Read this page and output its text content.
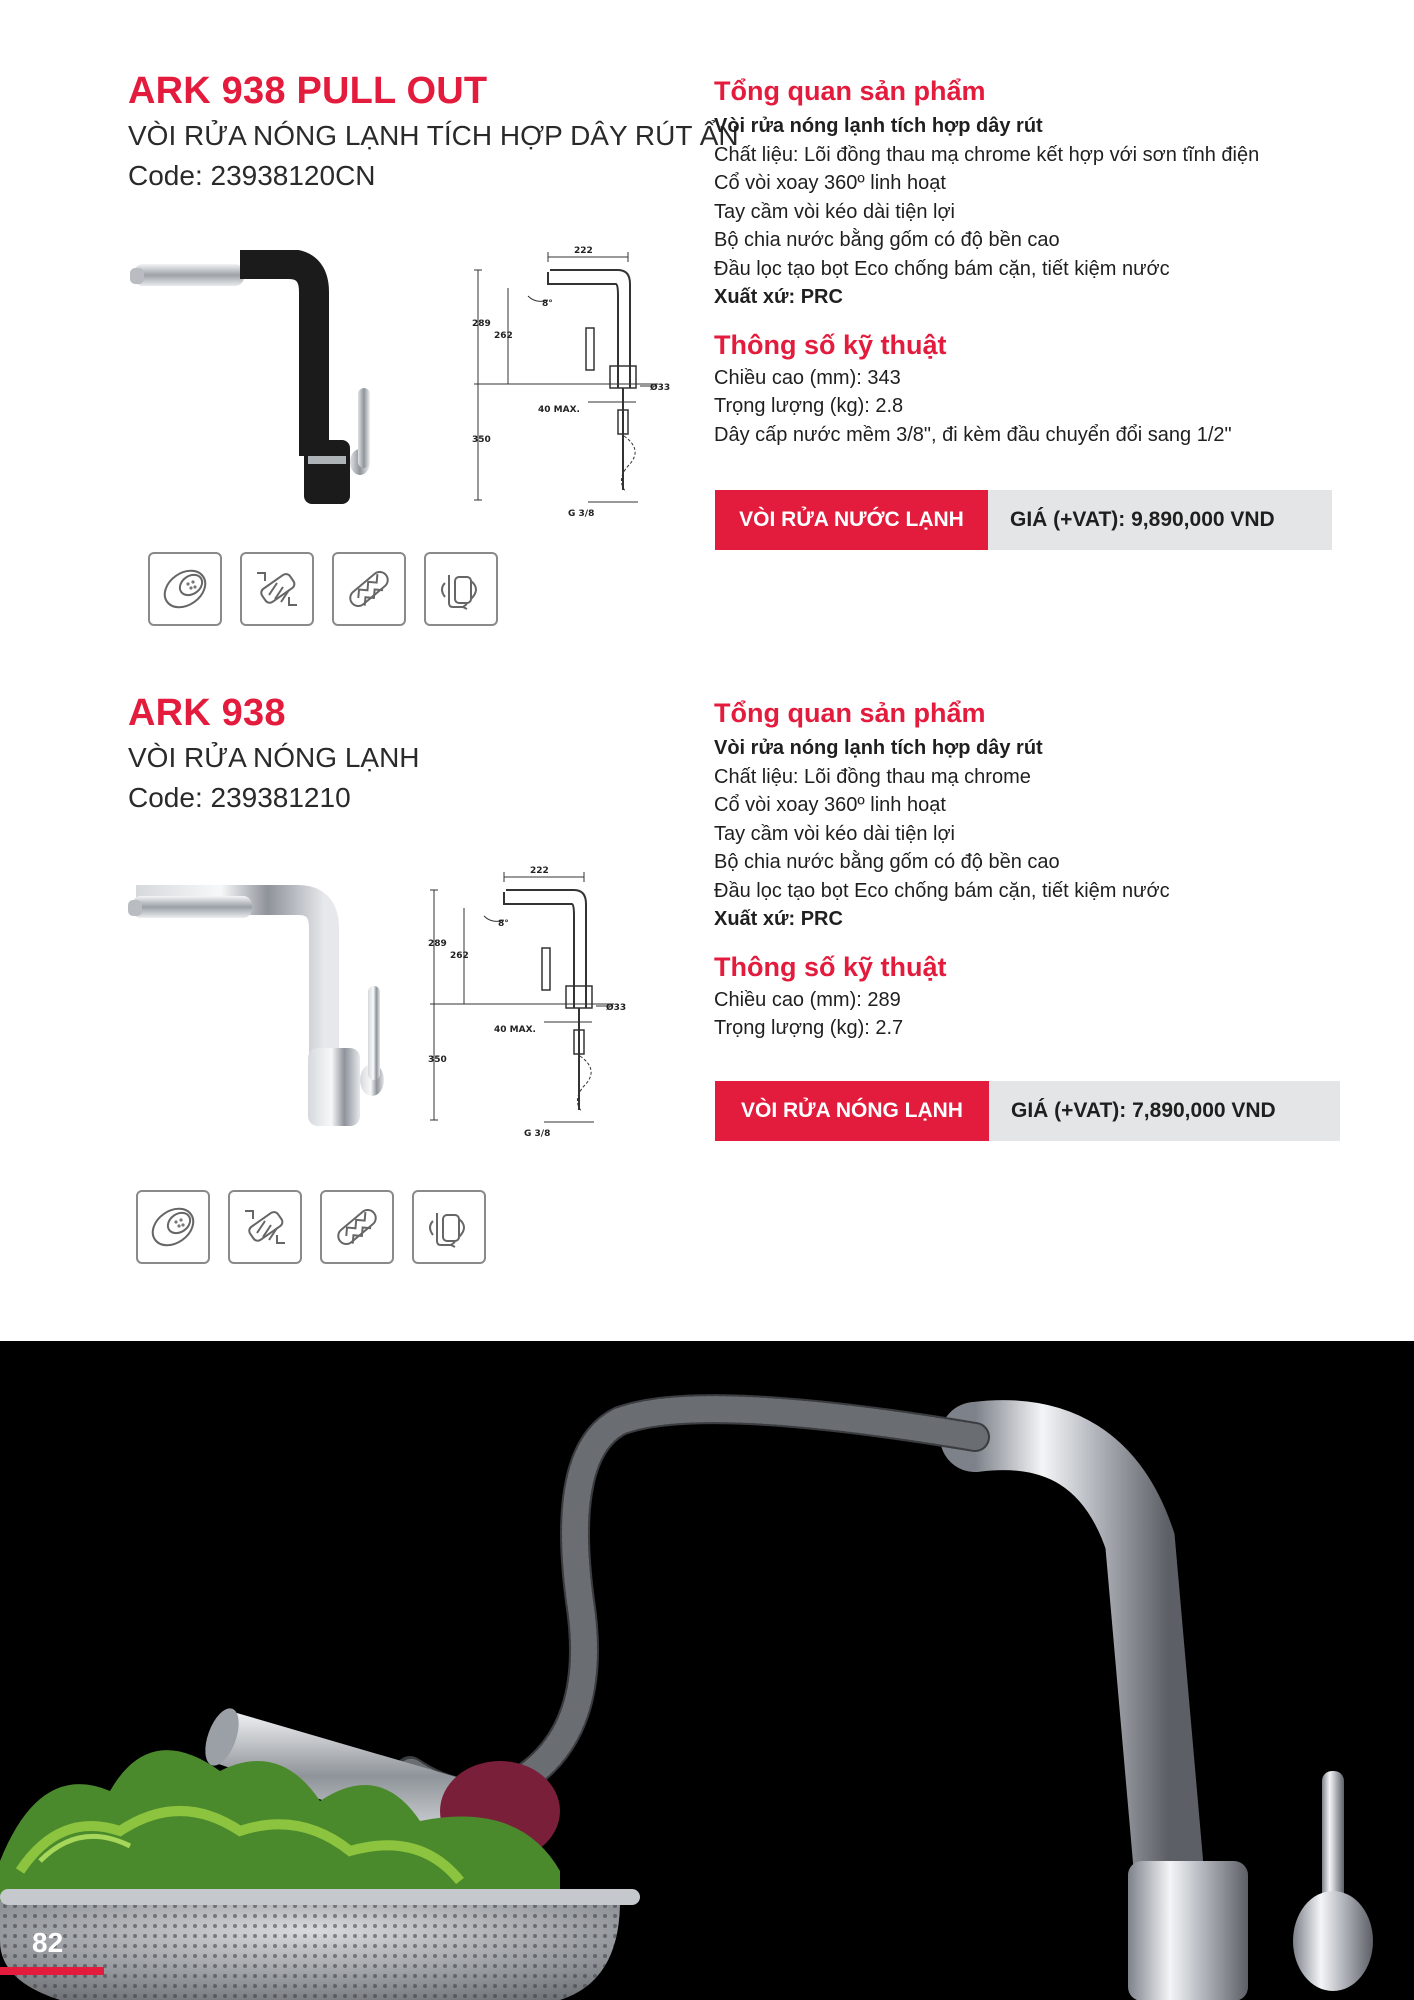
ARK 938 PULL OUT
VÒI RỬA NÓNG LẠNH TÍCH HỢP DÂY RÚT ẨN
Code: 23938120CN
222
8°
289
262
Ø33
40 MAX.
350
G 3/8
Tổng quan sản phẩm
Vòi rửa nóng lạnh tích hợp dây rút
Chất liệu: Lõi đồng thau mạ chrome kết hợp với sơn tĩnh điện
Cổ vòi xoay 360º linh hoạt
Tay cầm vòi kéo dài tiện lợi
Bộ chia nước bằng gốm có độ bền cao
Đầu lọc tạo bọt Eco chống bám cặn, tiết kiệm nước
Xuất xứ: PRC
Thông số kỹ thuật
Chiều cao (mm): 343
Trọng lượng (kg): 2.8
Dây cấp nước mềm 3/8", đi kèm đầu chuyển đổi sang 1/2"
VÒI RỬA NƯỚC LẠNH	GIÁ (+VAT): 9,890,000 VND
ARK 938
VÒI RỬA NÓNG LẠNH
Code: 239381210
222
8°
289
262
Ø33
40 MAX.
350
G 3/8
Tổng quan sản phẩm
Vòi rửa nóng lạnh tích hợp dây rút
Chất liệu: Lõi đồng thau mạ chrome
Cổ vòi xoay 360º linh hoạt
Tay cầm vòi kéo dài tiện lợi
Bộ chia nước bằng gốm có độ bền cao
Đầu lọc tạo bọt Eco chống bám cặn, tiết kiệm nước
Xuất xứ: PRC
Thông số kỹ thuật
Chiều cao (mm): 289
Trọng lượng (kg): 2.7
VÒI RỬA NÓNG LẠNH	GIÁ (+VAT): 7,890,000 VND
82
